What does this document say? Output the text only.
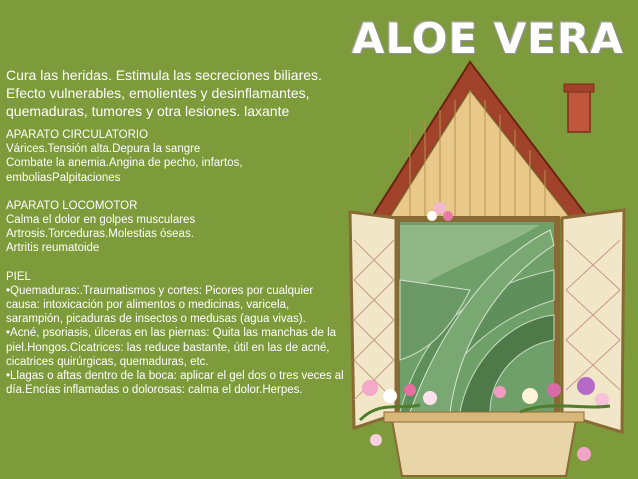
ALOE VERA

Cura las heridas. Estimula las secreciones biliares. Efecto vulnerables, emolientes y desinflamantes, quemaduras, tumores y otra lesiones. laxante

APARATO CIRCULATORIO
Várices.Tensión alta.Depura la sangre
Combate la anemia.Angina de pecho, infartos, emboliasPalpitaciones
APARATO LOCOMOTOR
Calma el dolor en golpes musculares
Artrosis.Torceduras.Molestias óseas.
Artritis reumatoide
PIEL
•Quemaduras:.Traumatismos y cortes: Picores por cualquier causa: intoxicación por alimentos o medicinas, varicela, sarampión, picaduras de insectos o medusas (agua vivas).
•Acné, psoriasis, úlceras en las piernas: Quita las manchas de la piel.Hongos.Cicatrices: las reduce bastante, útil en las de acné, cicatrices quirúrgicas, quemaduras, etc.
•Llagas o aftas dentro de la boca: aplicar el gel dos o tres veces al día.Encías inflamadas o dolorosas: calma el dolor.Herpes.
